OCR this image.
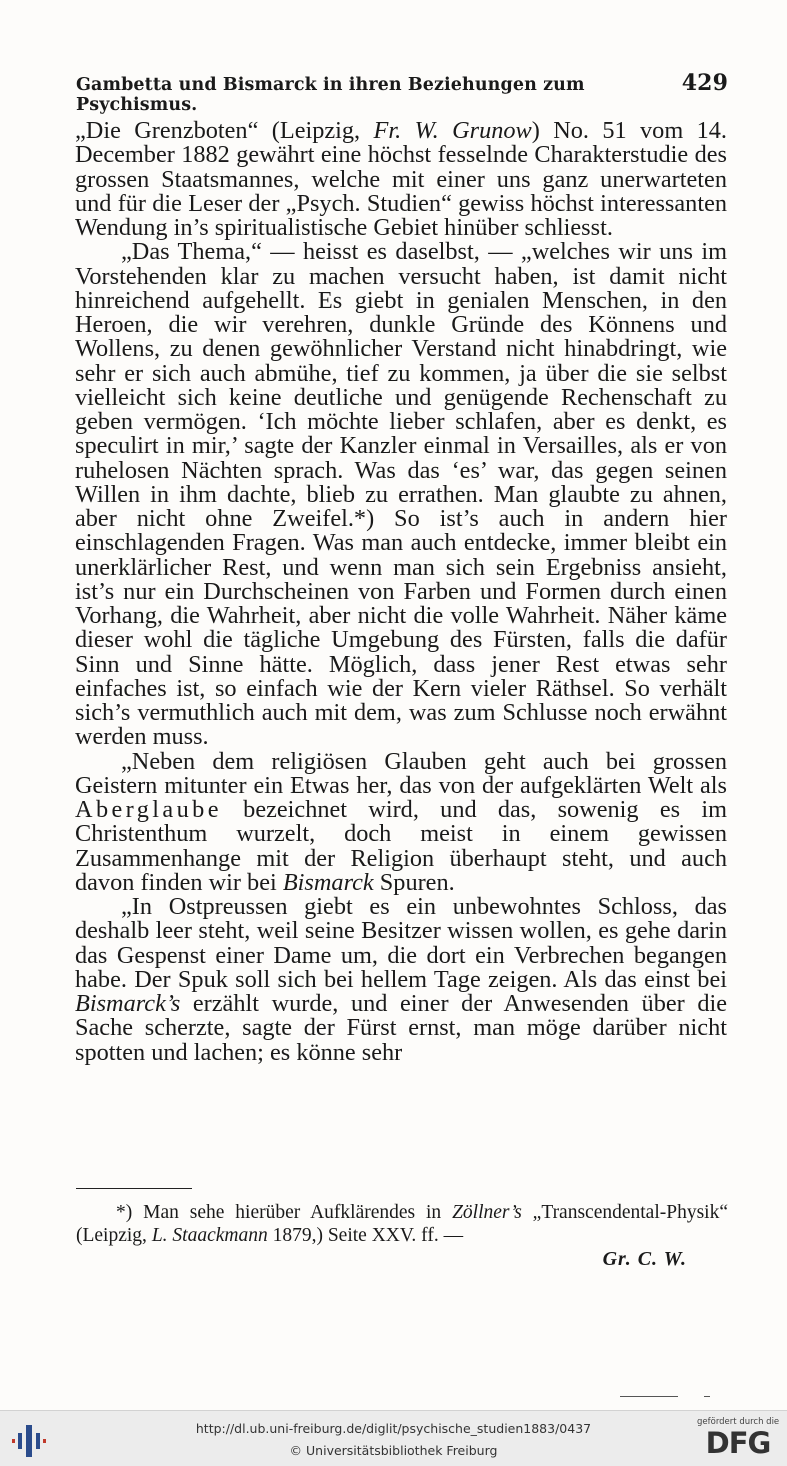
Gambetta und Bismarck in ihren Beziehungen zum Psychismus.
429

„Die Grenzboten“ (Leipzig, Fr. W. Grunow) No. 51 vom 14. December 1882 gewährt eine höchst fesselnde Charakterstudie des grossen Staatsmannes, welche mit einer uns ganz unerwarteten und für die Leser der „Psych. Studien“ gewiss höchst interessanten Wendung in’s spiritualistische Gebiet hinüber schliesst.

„Das Thema,“ — heisst es daselbst, — „welches wir uns im Vorstehenden klar zu machen versucht haben, ist damit nicht hinreichend aufgehellt. Es giebt in genialen Menschen, in den Heroen, die wir verehren, dunkle Gründe des Könnens und Wollens, zu denen gewöhnlicher Verstand nicht hinabdringt, wie sehr er sich auch abmühe, tief zu kommen, ja über die sie selbst vielleicht sich keine deutliche und genügende Rechenschaft zu geben vermögen. ‘Ich möchte lieber schlafen, aber es denkt, es speculirt in mir,’ sagte der Kanzler einmal in Versailles, als er von ruhelosen Nächten sprach. Was das ‘es’ war, das gegen seinen Willen in ihm dachte, blieb zu errathen. Man glaubte zu ahnen, aber nicht ohne Zweifel.*) So ist’s auch in andern hier einschlagenden Fragen. Was man auch entdecke, immer bleibt ein unerklärlicher Rest, und wenn man sich sein Ergebniss ansieht, ist’s nur ein Durchscheinen von Farben und Formen durch einen Vorhang, die Wahrheit, aber nicht die volle Wahrheit. Näher käme dieser wohl die tägliche Umgebung des Fürsten, falls die dafür Sinn und Sinne hätte. Möglich, dass jener Rest etwas sehr einfaches ist, so einfach wie der Kern vieler Räthsel. So verhält sich’s vermuthlich auch mit dem, was zum Schlusse noch erwähnt werden muss.

„Neben dem religiösen Glauben geht auch bei grossen Geistern mitunter ein Etwas her, das von der aufgeklärten Welt als Aberglaube bezeichnet wird, und das, sowenig es im Christenthum wurzelt, doch meist in einem gewissen Zusammenhange mit der Religion überhaupt steht, und auch davon finden wir bei Bismarck Spuren.

„In Ostpreussen giebt es ein unbewohntes Schloss, das deshalb leer steht, weil seine Besitzer wissen wollen, es gehe darin das Gespenst einer Dame um, die dort ein Verbrechen begangen habe. Der Spuk soll sich bei hellem Tage zeigen. Als das einst bei Bismarck’s erzählt wurde, und einer der Anwesenden über die Sache scherzte, sagte der Fürst ernst, man möge darüber nicht spotten und lachen; es könne sehr

*) Man sehe hierüber Aufklärendes in Zöllner’s „Transcendental-Physik“ (Leipzig, L. Staackmann 1879,) Seite XXV. ff. —

Gr. C. W.
http://dl.ub.uni-freiburg.de/diglit/psychische_studien1883/0437
© Universitätsbibliothek Freiburg
gefördert durch die
DFG
